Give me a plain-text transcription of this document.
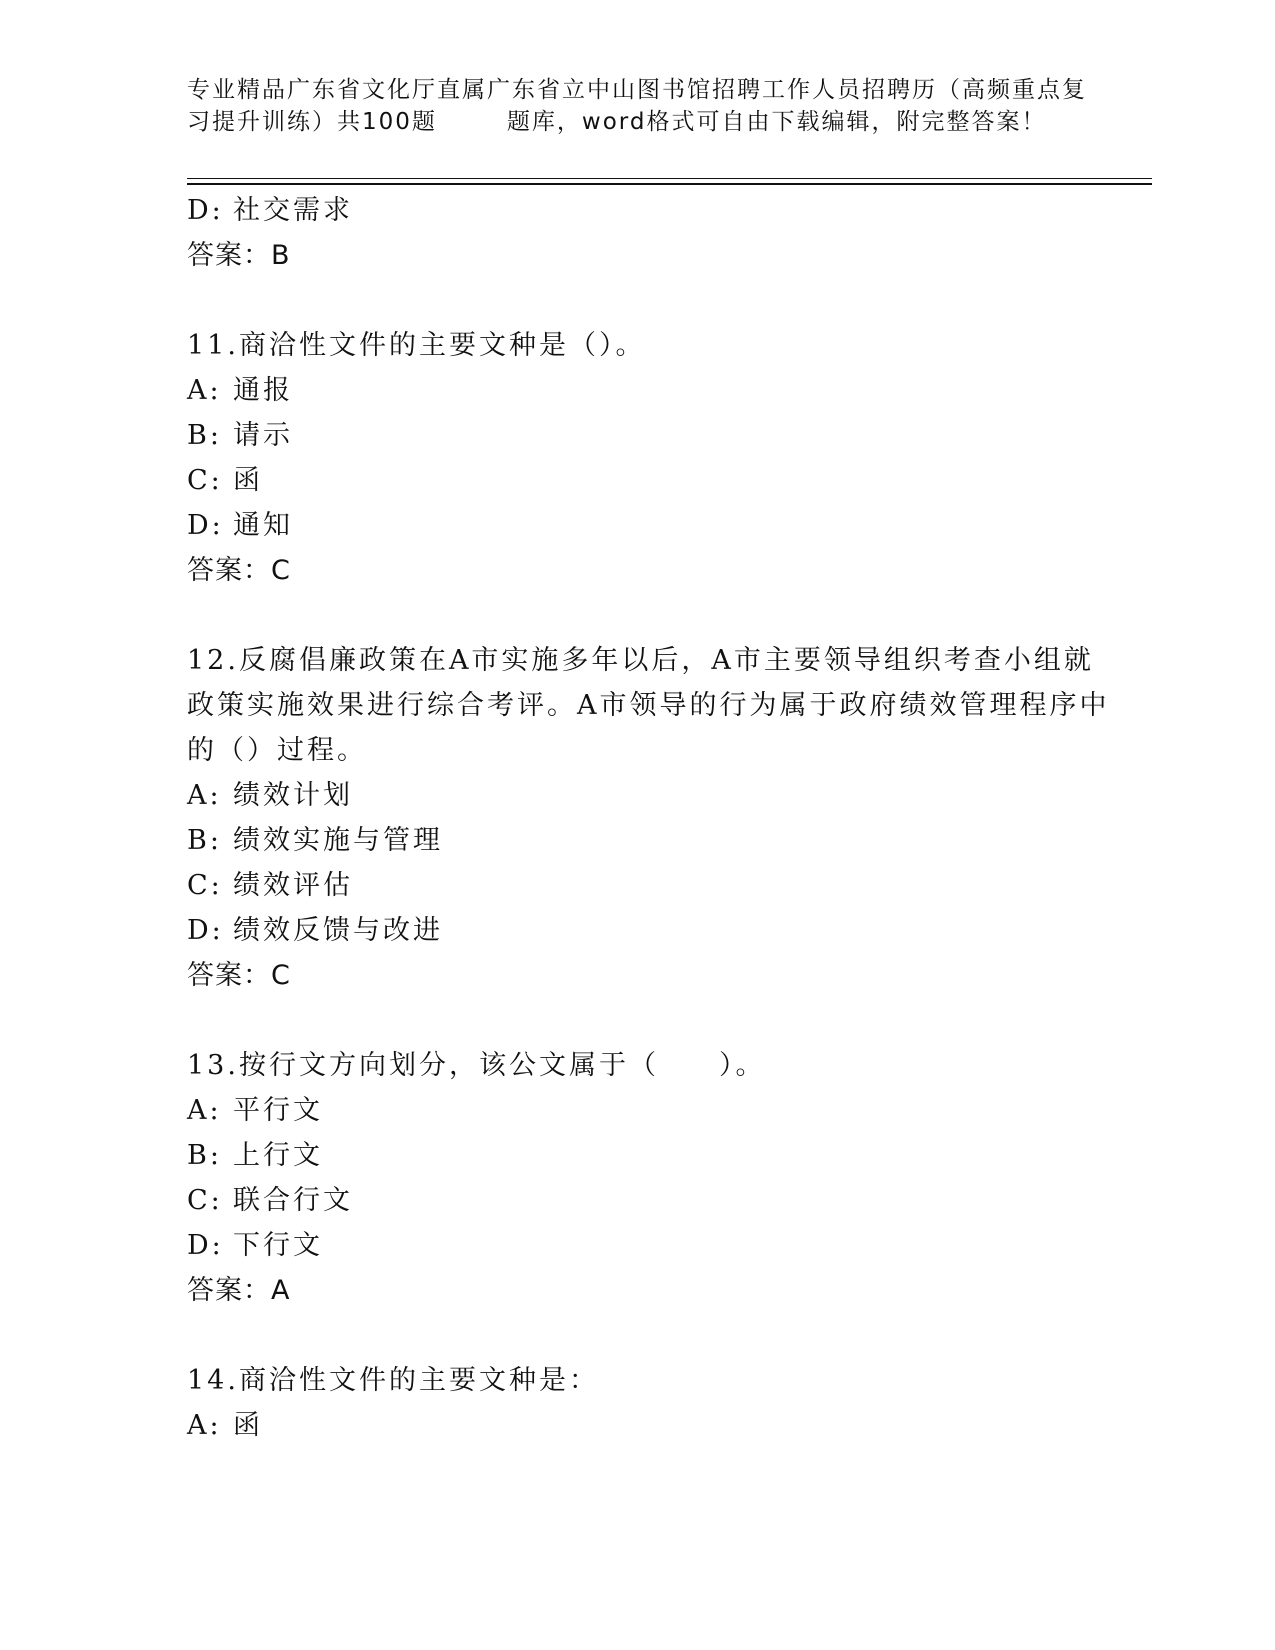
专业精品广东省文化厅直属广东省立中山图书馆招聘工作人员招聘历（高频重点复
习提升训练）共100题	题库，word格式可自由下载编辑，附完整答案！
D: 社交需求
答案：B
11.商洽性文件的主要文种是（）。
A: 通报
B: 请示
C: 函
D: 通知
答案：C
12.反腐倡廉政策在A市实施多年以后，A市主要领导组织考查小组就
政策实施效果进行综合考评。A市领导的行为属于政府绩效管理程序中
的（）过程。
A: 绩效计划
B: 绩效实施与管理
C: 绩效评估
D: 绩效反馈与改进
答案：C
13.按行文方向划分，该公文属于（　　）。
A: 平行文
B: 上行文
C: 联合行文
D: 下行文
答案：A
14.商洽性文件的主要文种是：
A: 函
